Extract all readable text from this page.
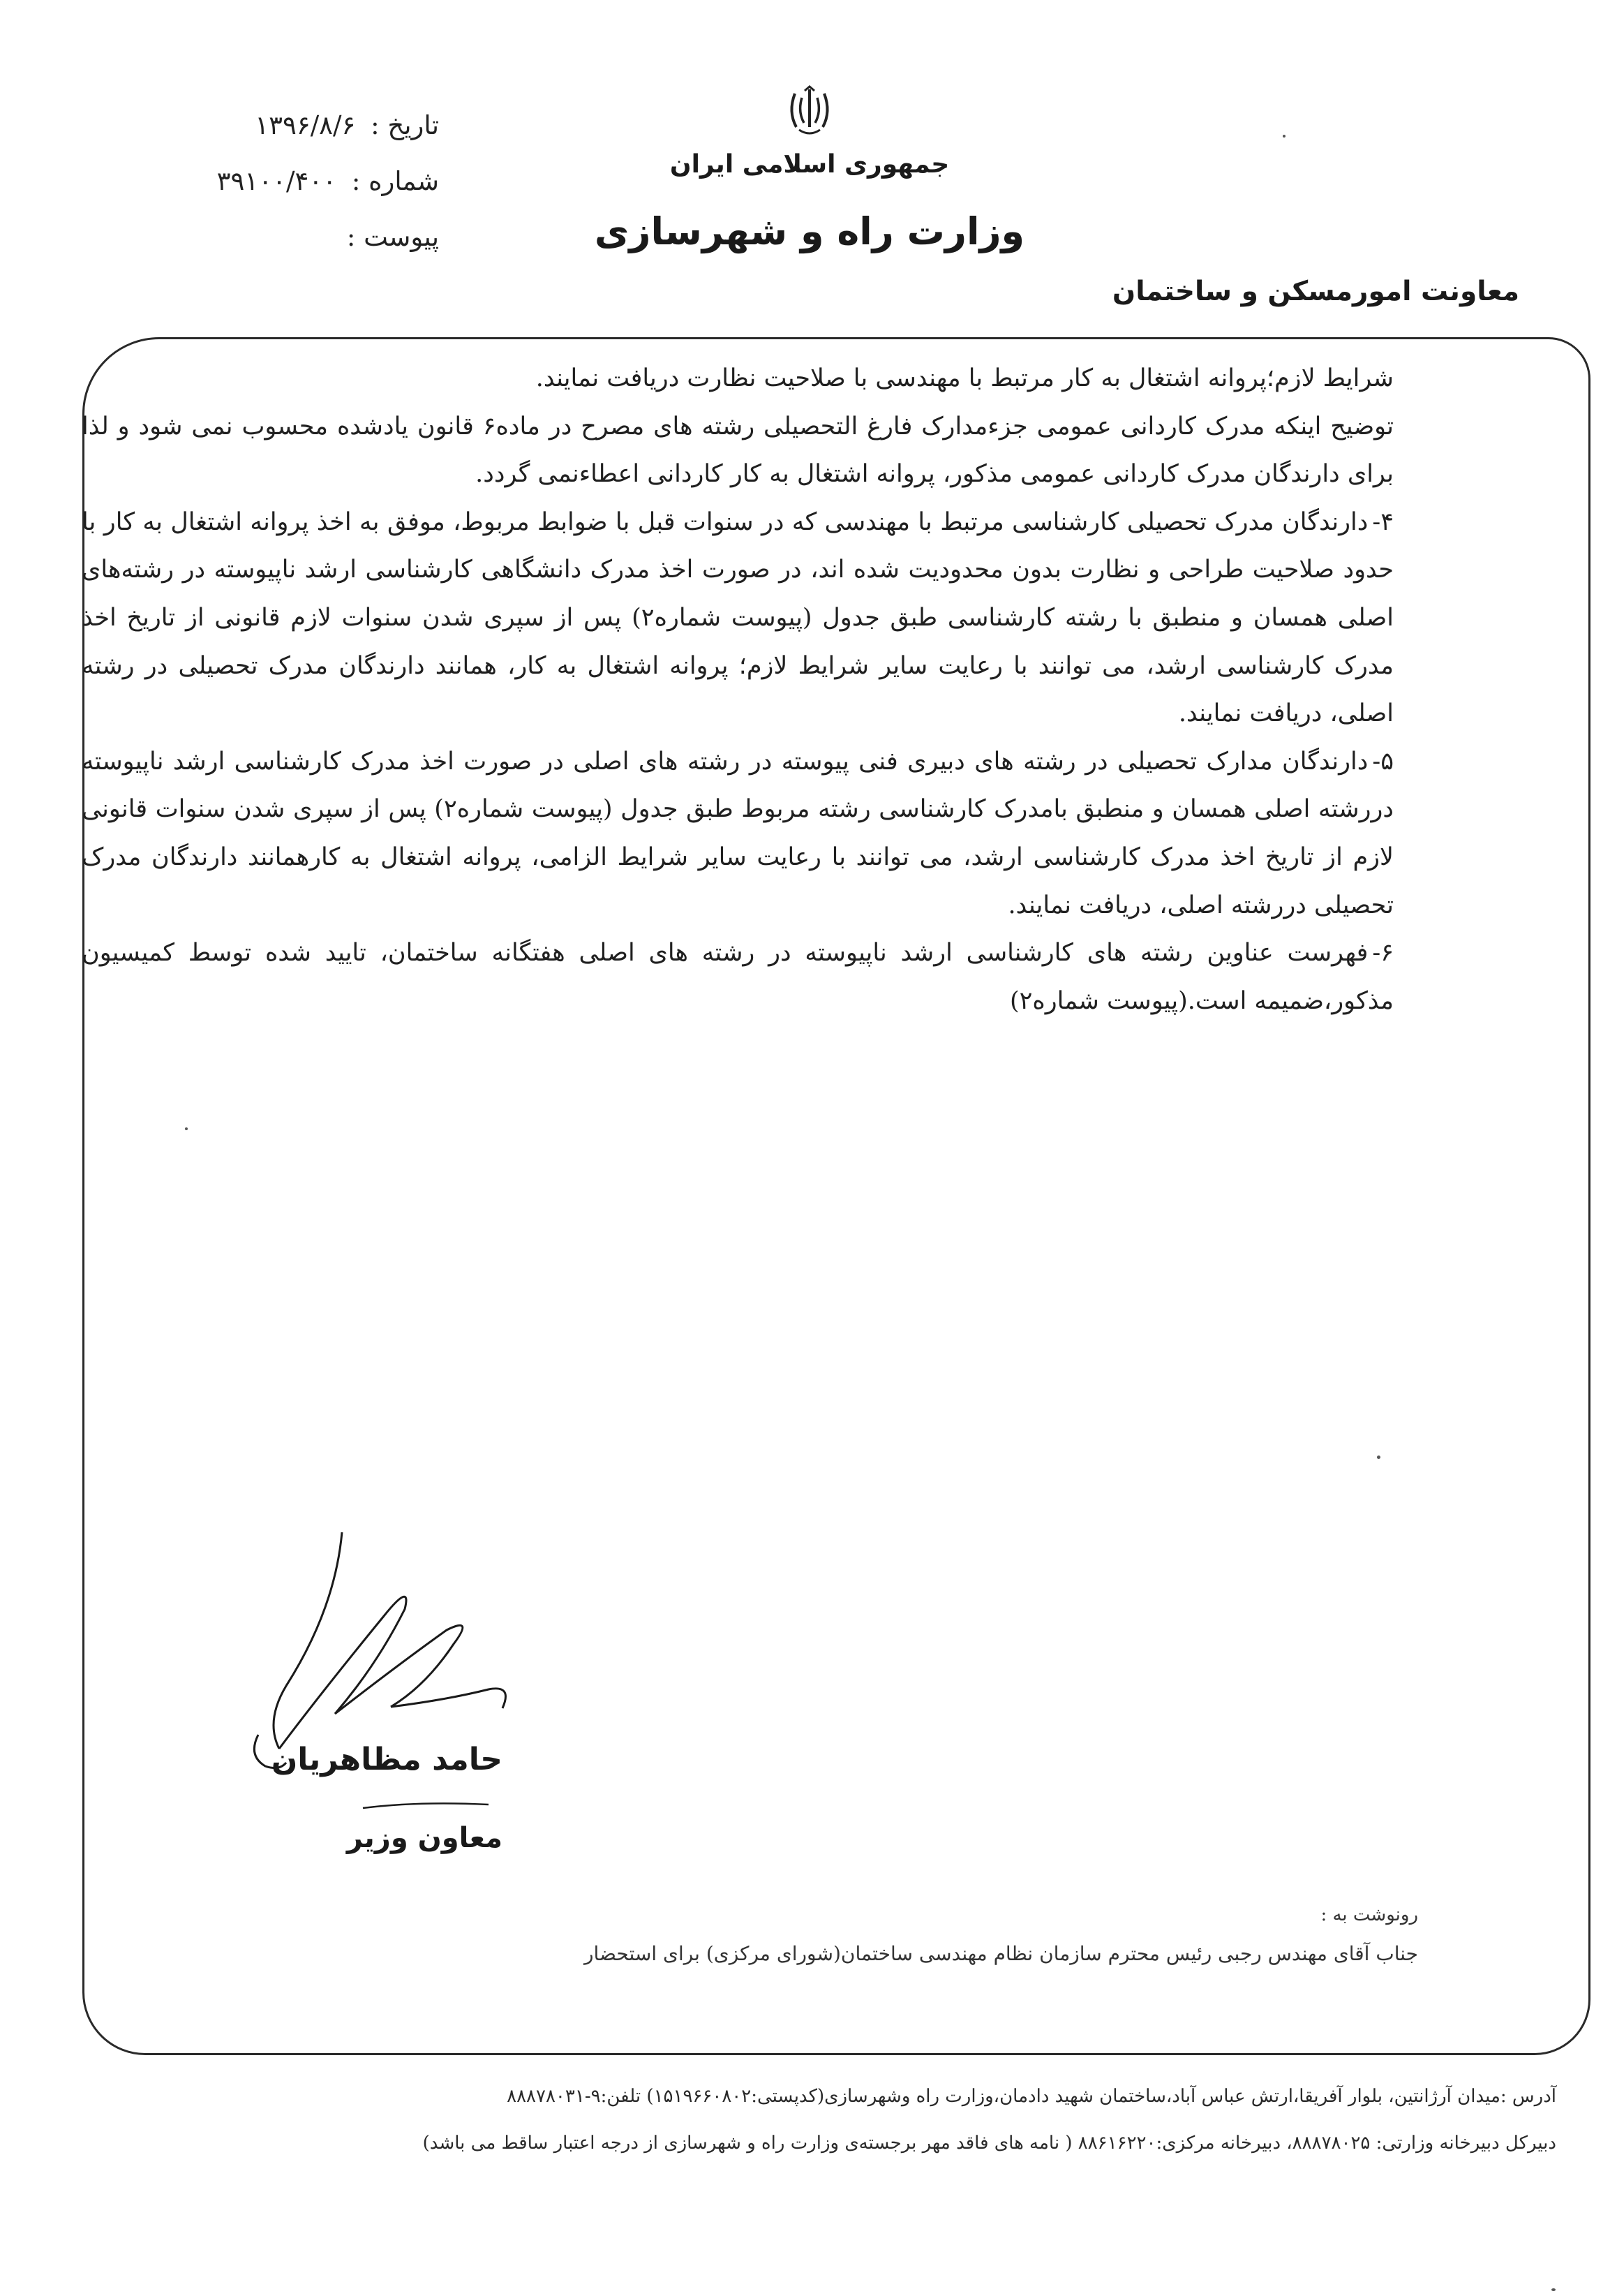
جمهوری اسلامی ایران
وزارت راه و شهرسازی
معاونت امورمسکن و ساختمان
تاریخ : ۱۳۹۶/۸/۶
شماره : ۳۹۱۰۰/۴۰۰
پیوست :

شرایط لازم؛پروانه اشتغال به کار مرتبط با مهندسی با صلاحیت نظارت دریافت نمایند.

توضیح اینکه مدرک کاردانی عمومی جزءمدارک فارغ التحصیلی رشته های مصرح در ماده۶ قانون یادشده محسوب نمی شود و لذا برای دارندگان مدرک کاردانی عمومی مذکور، پروانه اشتغال به کار کاردانی اعطاءنمی گردد.

۴-دارندگان مدرک تحصیلی کارشناسی مرتبط با مهندسی که در سنوات قبل با ضوابط مربوط، موفق به اخذ پروانه اشتغال به کار با حدود صلاحیت طراحی و نظارت بدون محدودیت شده اند، در صورت اخذ مدرک دانشگاهی کارشناسی ارشد ناپیوسته در رشته‌های اصلی همسان و منطبق با رشته کارشناسی طبق جدول (پیوست شماره۲) پس از سپری شدن سنوات لازم قانونی از تاریخ اخذ مدرک کارشناسی ارشد، می توانند با رعایت سایر شرایط لازم؛ پروانه اشتغال به کار، همانند دارندگان مدرک تحصیلی در رشته اصلی، دریافت نمایند.

۵-دارندگان مدارک تحصیلی در رشته های دبیری فنی پیوسته در رشته های اصلی در صورت اخذ مدرک کارشناسی ارشد ناپیوسته دررشته اصلی همسان و منطبق بامدرک کارشناسی رشته مربوط طبق جدول (پیوست شماره۲) پس از سپری شدن سنوات قانونی لازم از تاریخ اخذ مدرک کارشناسی ارشد، می توانند با رعایت سایر شرایط الزامی، پروانه اشتغال به کارهمانند دارندگان مدرک تحصیلی دررشته اصلی، دریافت نمایند.

۶-فهرست عناوین رشته های کارشناسی ارشد ناپیوسته در رشته های اصلی هفتگانه ساختمان، تایید شده توسط کمیسیون مذکور،ضمیمه است.(پیوست شماره۲)

حامد مظاهریان
معاون وزیر
رونوشت به :
جناب آقای مهندس رجبی رئیس محترم سازمان نظام مهندسی ساختمان(شورای مرکزی) برای استحضار
آدرس :میدان آرژانتین، بلوار آفریقا،ارتش عباس آباد،ساختمان شهید دادمان،وزارت راه وشهرسازی(کدپستی:۱۵۱۹۶۶۰۸۰۲) تلفن:۹-۸۸۸۷۸۰۳۱
دبیرکل دبیرخانه وزارتی: ۸۸۸۷۸۰۲۵، دبیرخانه مرکزی:۸۸۶۱۶۲۲۰ ( نامه های فاقد مهر برجسته‌ی وزارت راه و شهرسازی از درجه اعتبار ساقط می باشد)
